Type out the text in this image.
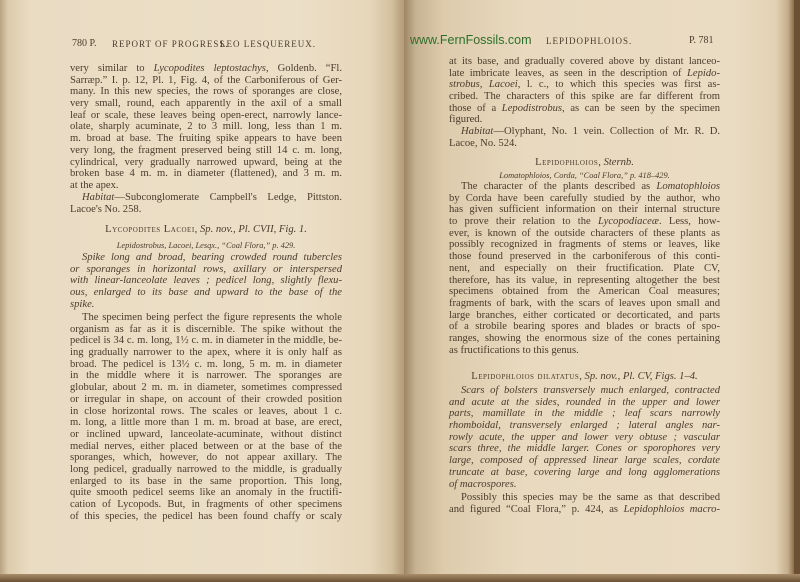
780 P. REPORT OF PROGRESS.
LEO LESQUEREUX.
very similar to Lycopodites leptostachys, Goldenb. “Fl.
Sarræp.” I. p. 12, Pl. 1, Fig. 4, of the Carboniferous of Ger-
many. In this new species, the rows of sporanges are close,
very small, round, each apparently in the axil of a small
leaf or scale, these leaves being open-erect, narrowly lance-
olate, sharply acuminate, 2 to 3 mill. long, less than 1 m.
m. broad at base. The fruiting spike appears to have been
very long, the fragment preserved being still 14 c. m. long,
cylindrical, very gradually narrowed upward, being at the
broken base 4 m. m. in diameter (flattened), and 3 m. m.
at the apex.
Habitat—Subconglomerate Campbell's Ledge, Pittston.
Lacoe's No. 258.
Lycopodites Lacoei, Sp. nov., Pl. CVII, Fig. 1.
Lepidostrobus, Lacoei, Lesqx., “Coal Flora,” p. 429.
Spike long and broad, bearing crowded round tubercles
or sporanges in horizontal rows, axillary or interspersed
with linear-lanceolate leaves ; pedicel long, slightly flexu-
ous, enlarged to its base and upward to the base of the
spike.
The specimen being perfect the figure represents the whole
organism as far as it is discernible. The spike without the
pedicel is 34 c. m. long, 1½ c. m. in diameter in the middle, be-
ing gradually narrower to the apex, where it is only half as
broad. The pedicel is 13½ c. m. long, 5 m. m. in diameter
in the middle where it is narrower. The sporanges are
globular, about 2 m. m. in diameter, sometimes compressed
or irregular in shape, on account of their crowded position
in close horizontal rows. The scales or leaves, about 1 c.
m. long, a little more than 1 m. m. broad at base, are erect,
or inclined upward, lanceolate-acuminate, without distinct
medial nerves, either placed between or at the base of the
sporanges, which, however, do not appear axillary. The
long pedicel, gradually narrowed to the middle, is gradually
enlarged to its base in the same proportion. This long,
quite smooth pedicel seems like an anomaly in the fructifi-
cation of Lycopods. But, in fragments of other specimens
of this species, the pedicel has been found chaffy or scaly
www.FernFossils.com LEPIDOPHLOIOS.	P. 781
at its base, and gradually covered above by distant lanceo-
late imbricate leaves, as seen in the description of Lepido-
strobus, Lacoei, l. c., to which this species was first as-
cribed. The characters of this spike are far different from
those of a Lepodistrobus, as can be seen by the specimen
figured.
Habitat—Olyphant, No. 1 vein. Collection of Mr. R. D.
Lacoe, No. 524.
Lepidophloios, Sternb.
Lomatophloios, Corda, “Coal Flora,” p. 418–429.
The character of the plants described as Lomatophloios
by Corda have been carefully studied by the author, who
has given sufficient information on their internal structure
to prove their relation to the Lycopodiaceæ. Less, how-
ever, is known of the outside characters of these plants as
possibly recognized in fragments of stems or leaves, like
those found preserved in the carboniferous of this conti-
nent, and especially on their fructification. Plate CV,
therefore, has its value, in representing altogether the best
specimens obtained from the American Coal measures;
fragments of bark, with the scars of leaves upon small and
large branches, either corticated or decorticated, and parts
of a strobile bearing spores and blades or bracts of spo-
ranges, showing the enormous size of the cones pertaining
as fructifications to this genus.
Lepidophloios dilatatus, Sp. nov., Pl. CV, Figs. 1–4.
Scars of bolsters transversely much enlarged, contracted
and acute at the sides, rounded in the upper and lower
parts, mamillate in the middle ; leaf scars narrowly
rhomboidal, transversely enlarged ; lateral angles nar-
rowly acute, the upper and lower very obtuse ; vascular
scars three, the middle larger. Cones or sporophores very
large, composed of appressed linear large scales, cordate
truncate at base, covering large and long agglomerations
of macrospores.
Possibly this species may be the same as that described
and figured “Coal Flora,” p. 424, as Lepidophloios macro-
